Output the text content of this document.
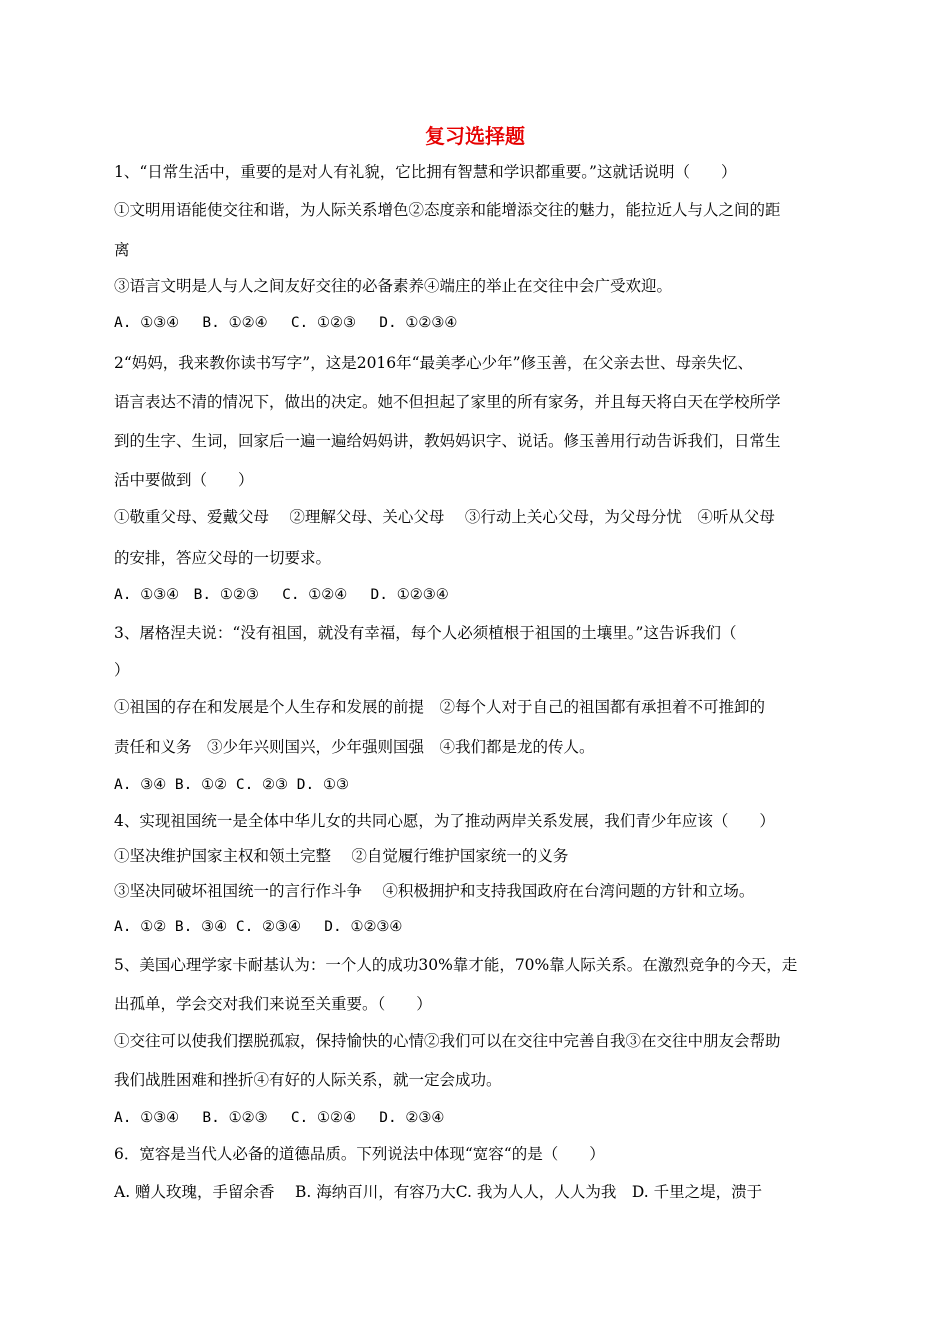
复习选择题
1、“日常生活中，重要的是对人有礼貌，它比拥有智慧和学识都重要。”这就话说明（　　）
①文明用语能使交往和谐，为人际关系增色②态度亲和能增添交往的魅力，能拉近人与人之间的距
离
③语言文明是人与人之间友好交往的必备素养④端庄的举止在交往中会广受欢迎。
A. ①③④　 B. ①②④　 C. ①②③　 D. ①②③④
2“妈妈，我来教你读书写字”，这是2016年“最美孝心少年”修玉善，在父亲去世、母亲失忆、
语言表达不清的情况下，做出的决定。她不但担起了家里的所有家务，并且每天将白天在学校所学
到的生字、生词，回家后一遍一遍给妈妈讲，教妈妈识字、说话。修玉善用行动告诉我们，日常生
活中要做到（　　）
①敬重父母、爱戴父母　 ②理解父母、关心父母　 ③行动上关心父母，为父母分忧　④听从父母
的安排，答应父母的一切要求。
A. ①③④　B. ①②③　 C. ①②④　 D. ①②③④
3、屠格涅夫说：“没有祖国，就没有幸福，每个人必须植根于祖国的土壤里。”这告诉我们（
）
①祖国的存在和发展是个人生存和发展的前提　②每个人对于自己的祖国都有承担着不可推卸的
责任和义务　③少年兴则国兴，少年强则国强　④我们都是龙的传人。
A. ③④ B. ①② C. ②③ D. ①③
4、实现祖国统一是全体中华儿女的共同心愿，为了推动两岸关系发展，我们青少年应该（　　）
①坚决维护国家主权和领土完整　 ②自觉履行维护国家统一的义务
③坚决同破坏祖国统一的言行作斗争　 ④积极拥护和支持我国政府在台湾问题的方针和立场。
A. ①② B. ③④ C. ②③④　 D. ①②③④
5、美国心理学家卡耐基认为：一个人的成功30%靠才能，70%靠人际关系。在激烈竞争的今天，走
出孤单，学会交对我们来说至关重要。（　　）
①交往可以使我们摆脱孤寂，保持愉快的心情②我们可以在交往中完善自我③在交往中朋友会帮助
我们战胜困难和挫折④有好的人际关系，就一定会成功。
A. ①③④　 B. ①②③　 C. ①②④　 D. ②③④
6．宽容是当代人必备的道德品质。下列说法中体现“宽容“的是（　　）
A. 赠人玫瑰，手留余香　 B. 海纳百川，有容乃大C. 我为人人，人人为我　D. 千里之堤，溃于
